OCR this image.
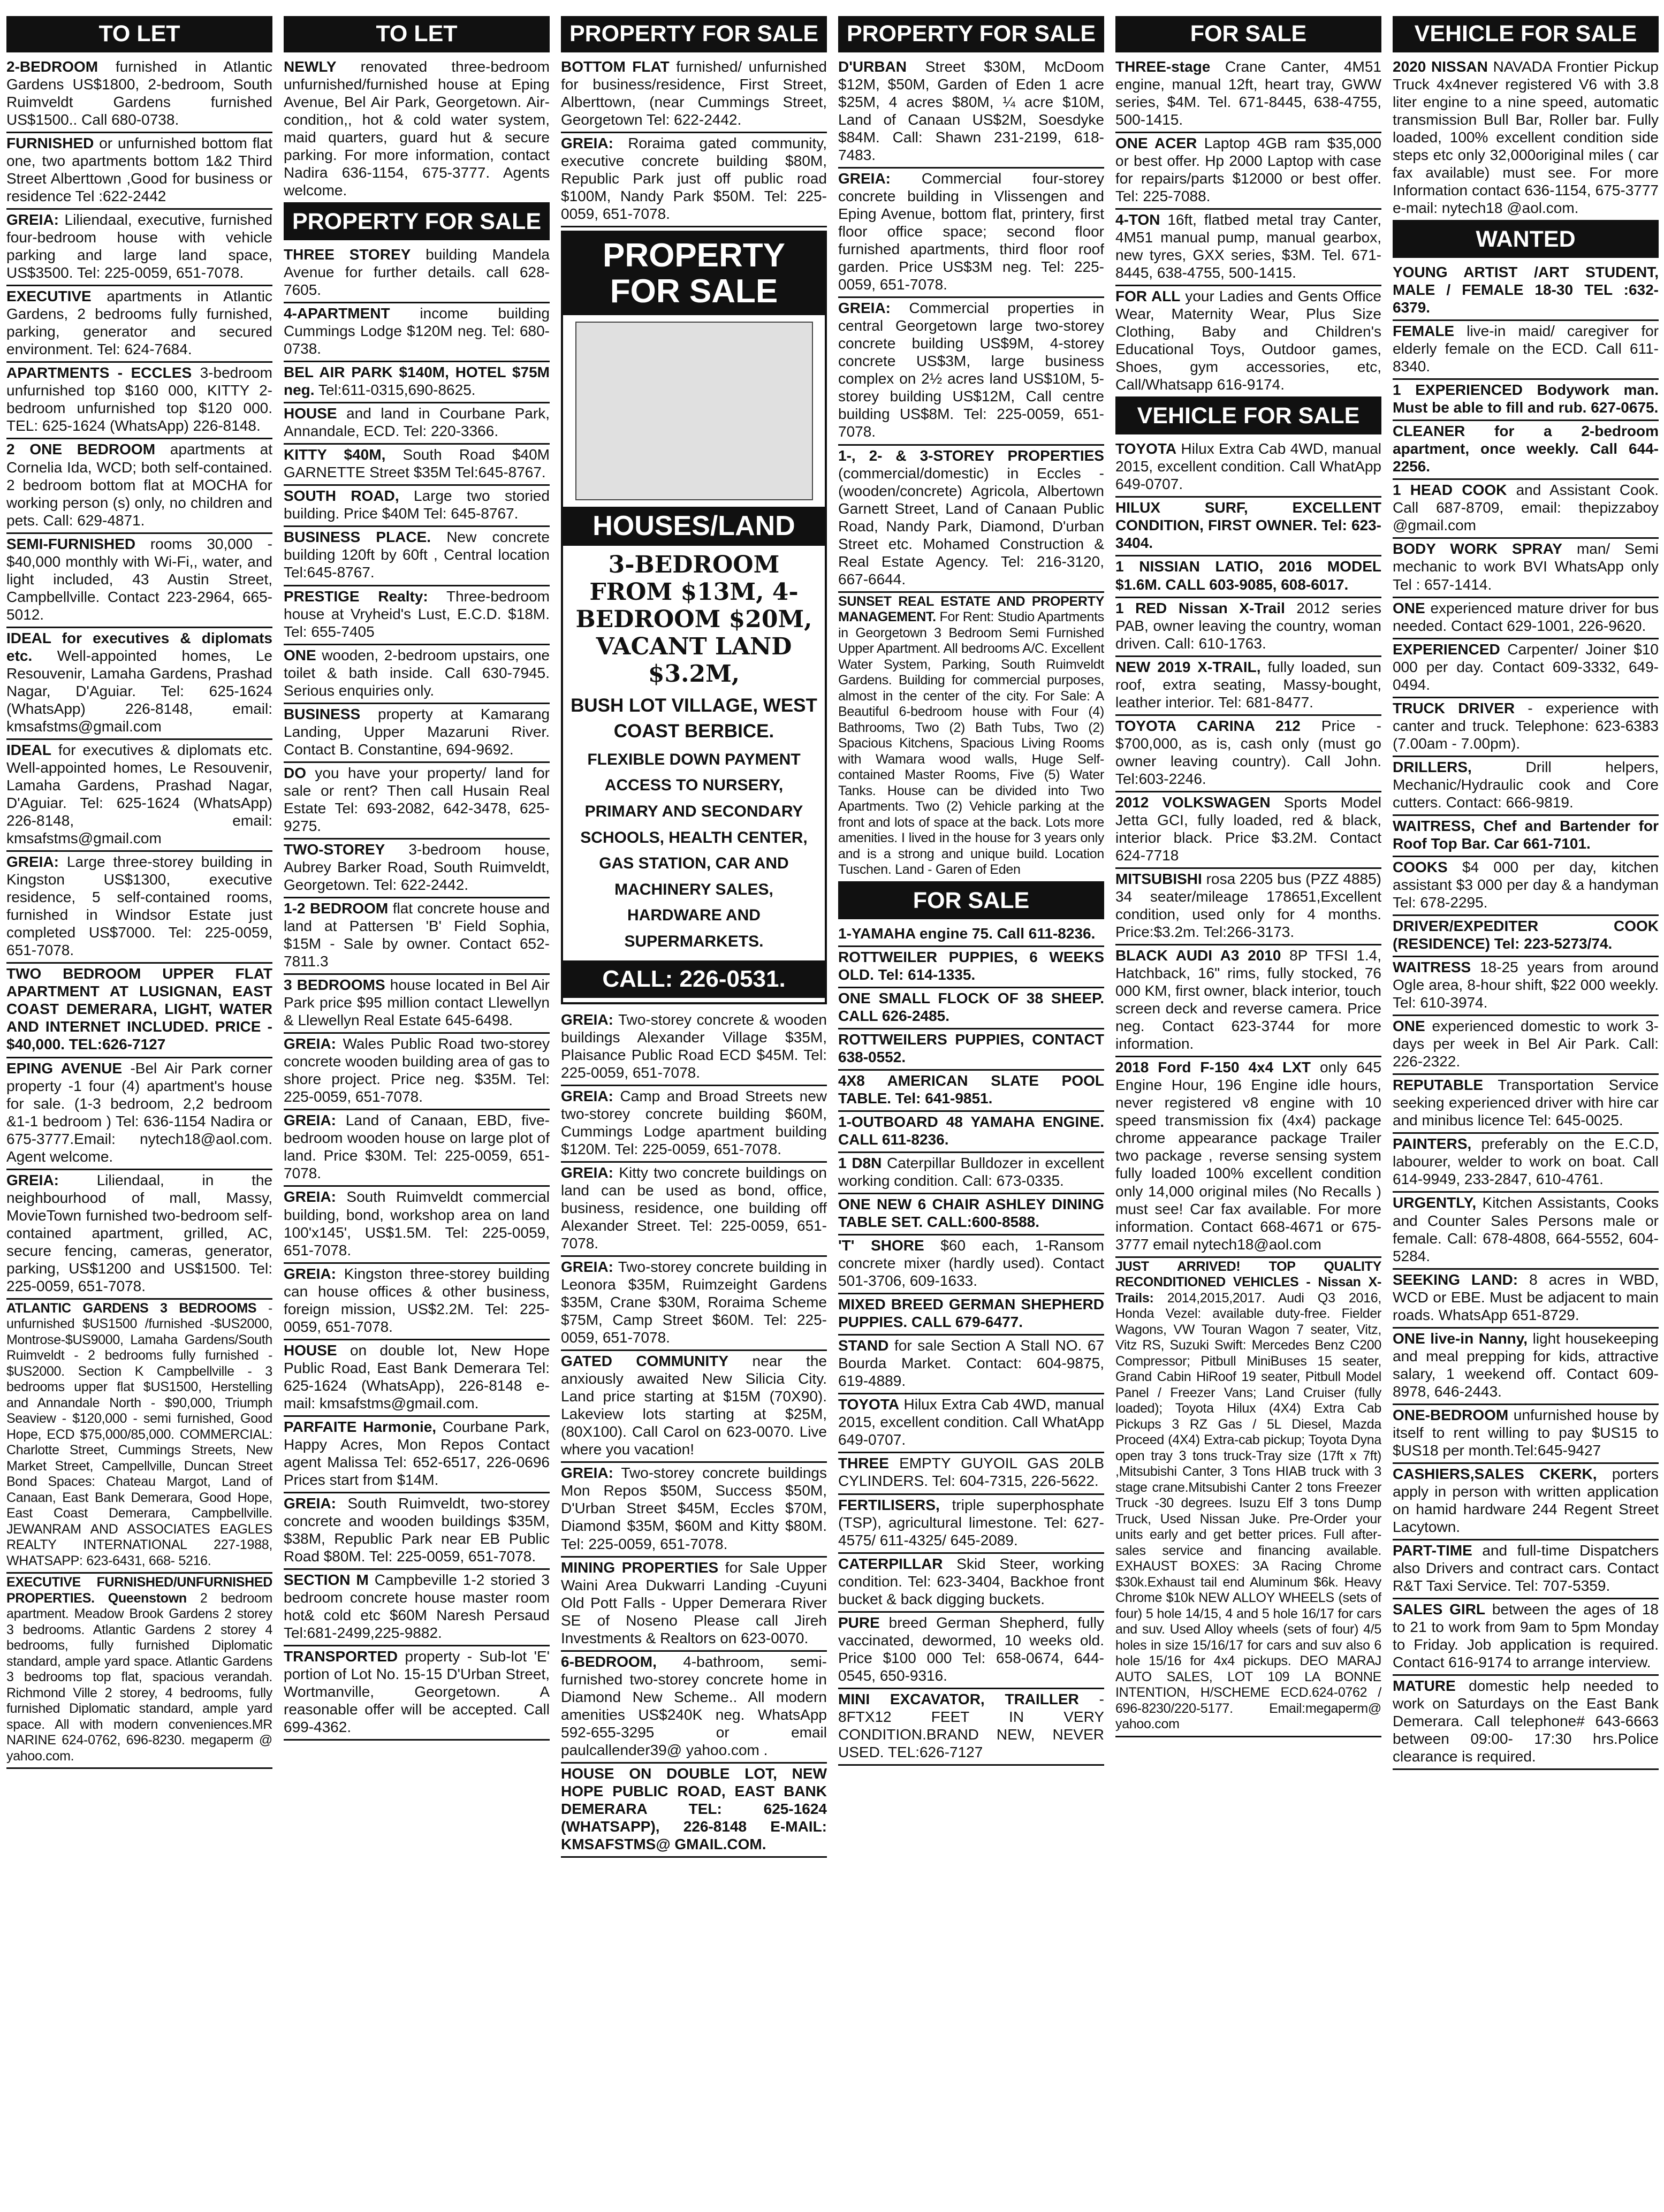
TO LET

2-BEDROOM furnished in Atlantic Gardens US$1800, 2-bedroom, South Ruimveldt Gardens furnished US$1500.. Call 680-0738.

FURNISHED or unfurnished bottom flat one, two apartments bottom 1&2 Third Street Alberttown ,Good for business or residence Tel :622-2442

GREIA: Liliendaal, executive, furnished four-bedroom house with vehicle parking and large land space, US$3500. Tel: 225-0059, 651-7078.

EXECUTIVE apartments in Atlantic Gardens, 2 bedrooms fully furnished, parking, generator and secured environment. Tel: 624-7684.

APARTMENTS - ECCLES 3-bedroom unfurnished top $160 000, KITTY 2-bedroom unfurnished top $120 000. TEL: 625-1624 (WhatsApp) 226-8148.

2 ONE BEDROOM apartments at Cornelia Ida, WCD; both self-contained. 2 bedroom bottom flat at MOCHA for working person (s) only, no children and pets. Call: 629-4871.

SEMI-FURNISHED rooms 30,000 - $40,000 monthly with Wi-Fi,, water, and light included, 43 Austin Street, Campbellville. Contact 223-2964, 665-5012.

IDEAL for executives & diplomats etc. Well-appointed homes, Le Resouvenir, Lamaha Gardens, Prashad Nagar, D'Aguiar. Tel: 625-1624 (WhatsApp) 226-8148, email: kmsafstms@gmail.com

IDEAL for executives & diplomats etc. Well-appointed homes, Le Resouvenir, Lamaha Gardens, Prashad Nagar, D'Aguiar. Tel: 625-1624 (WhatsApp) 226-8148, email: kmsafstms@gmail.com

GREIA: Large three-storey building in Kingston US$1300, executive residence, 5 self-contained rooms, furnished in Windsor Estate just completed US$7000. Tel: 225-0059, 651-7078.

TWO BEDROOM UPPER FLAT APARTMENT AT LUSIGNAN, EAST COAST DEMERARA, LIGHT, WATER AND INTERNET INCLUDED. PRICE - $40,000. TEL:626-7127

EPING AVENUE -Bel Air Park corner property -1 four (4) apartment's house for sale. (1-3 bedroom, 2,2 bedroom &1-1 bedroom ) Tel: 636-1154 Nadira or 675-3777.Email: nytech18@aol.com. Agent welcome.

GREIA: Liliendaal, in the neighbourhood of mall, Massy, MovieTown furnished two-bedroom self-contained apartment, grilled, AC, secure fencing, cameras, generator, parking, US$1200 and US$1500. Tel: 225-0059, 651-7078.

ATLANTIC GARDENS 3 BEDROOMS - unfurnished $US1500 /furnished -$US2000, Montrose-$US9000, Lamaha Gardens/South Ruimveldt - 2 bedrooms fully furnished - $US2000. Section K Campbellville - 3 bedrooms upper flat $US1500, Herstelling and Annandale North - $90,000, Triumph Seaview - $120,000 - semi furnished, Good Hope, ECD $75,000/85,000. COMMERCIAL: Charlotte Street, Cummings Streets, New Market Street, Campellville, Duncan Street Bond Spaces: Chateau Margot, Land of Canaan, East Bank Demerara, Good Hope, East Coast Demerara, Campbellville. JEWANRAM AND ASSOCIATES EAGLES REALTY INTERNATIONAL 227-1988, WHATSAPP: 623-6431, 668- 5216.

EXECUTIVE FURNISHED/UNFURNISHED PROPERTIES. Queenstown 2 bedroom apartment. Meadow Brook Gardens 2 storey 3 bedrooms. Atlantic Gardens 2 storey 4 bedrooms, fully furnished Diplomatic standard, ample yard space. Atlantic Gardens 3 bedrooms top flat, spacious verandah. Richmond Ville 2 storey, 4 bedrooms, fully furnished Diplomatic standard, ample yard space. All with modern conveniences.MR NARINE 624-0762, 696-8230. megaperm @ yahoo.com.

TO LET

NEWLY renovated three-bedroom unfurnished/furnished house at Eping Avenue, Bel Air Park, Georgetown. Air-condition,, hot & cold water system, maid quarters, guard hut & secure parking. For more information, contact Nadira 636-1154, 675-3777. Agents welcome.

PROPERTY FOR SALE

THREE STOREY building Mandela Avenue for further details. call 628-7605.

4-APARTMENT income building Cummings Lodge $120M neg. Tel: 680-0738.

BEL AIR PARK $140M, HOTEL $75M neg. Tel:611-0315,690-8625.

HOUSE and land in Courbane Park, Annandale, ECD. Tel: 220-3366.

KITTY $40M, South Road $40M GARNETTE Street $35M Tel:645-8767.

SOUTH ROAD, Large two storied building. Price $40M Tel: 645-8767.

BUSINESS PLACE. New concrete building 120ft by 60ft , Central location Tel:645-8767.

PRESTIGE Realty: Three-bedroom house at Vryheid's Lust, E.C.D. $18M. Tel: 655-7405

ONE wooden, 2-bedroom upstairs, one toilet & bath inside. Call 630-7945. Serious enquiries only.

BUSINESS property at Kamarang Landing, Upper Mazaruni River. Contact B. Constantine, 694-9692.

DO you have your property/ land for sale or rent? Then call Husain Real Estate Tel: 693-2082, 642-3478, 625-9275.

TWO-STOREY 3-bedroom house, Aubrey Barker Road, South Ruimveldt, Georgetown. Tel: 622-2442.

1-2 BEDROOM flat concrete house and land at Pattersen 'B' Field Sophia, $15M - Sale by owner. Contact 652-7811.3

3 BEDROOMS house located in Bel Air Park price $95 million contact Llewellyn & Llewellyn Real Estate 645-6498.

GREIA: Wales Public Road two-storey concrete wooden building area of gas to shore project. Price neg. $35M. Tel: 225-0059, 651-7078.

GREIA: Land of Canaan, EBD, five-bedroom wooden house on large plot of land. Price $30M. Tel: 225-0059, 651-7078.

GREIA: South Ruimveldt commercial building, bond, workshop area on land 100'x145', US$1.5M. Tel: 225-0059, 651-7078.

GREIA: Kingston three-storey building can house offices & other business, foreign mission, US$2.2M. Tel: 225-0059, 651-7078.

HOUSE on double lot, New Hope Public Road, East Bank Demerara Tel: 625-1624 (WhatsApp), 226-8148 e-mail: kmsafstms@gmail.com.

PARFAITE Harmonie, Courbane Park, Happy Acres, Mon Repos Contact agent Malissa Tel: 652-6517, 226-0696 Prices start from $14M.

GREIA: South Ruimveldt, two-storey concrete and wooden buildings $35M, $38M, Republic Park near EB Public Road $80M. Tel: 225-0059, 651-7078.

SECTION M Campbeville 1-2 storied 3 bedroom concrete house master room hot& cold etc $60M Naresh Persaud Tel:681-2499,225-9882.

TRANSPORTED property - Sub-lot 'E' portion of Lot No. 15-15 D'Urban Street, Wortmanville, Georgetown. A reasonable offer will be accepted. Call 699-4362.

PROPERTY FOR SALE

BOTTOM FLAT furnished/ unfurnished for business/residence, First Street, Alberttown, (near Cummings Street, Georgetown Tel: 622-2442.

GREIA: Roraima gated community, executive concrete building $80M, Republic Park just off public road $100M, Nandy Park $50M. Tel: 225-0059, 651-7078.

PROPERTY FOR SALE
HOUSES/LAND
3-BEDROOM FROM $13M, 4-BEDROOM $20M, VACANT LAND $3.2M,
BUSH LOT VILLAGE, WEST COAST BERBICE.
FLEXIBLE DOWN PAYMENT ACCESS TO NURSERY, PRIMARY AND SECONDARY SCHOOLS, HEALTH CENTER, GAS STATION, CAR AND MACHINERY SALES, HARDWARE AND SUPERMARKETS.
CALL: 226-0531.

GREIA: Two-storey concrete & wooden buildings Alexander Village $35M, Plaisance Public Road ECD $45M. Tel: 225-0059, 651-7078.

GREIA: Camp and Broad Streets new two-storey concrete building $60M, Cummings Lodge apartment building $120M. Tel: 225-0059, 651-7078.

GREIA: Kitty two concrete buildings on land can be used as bond, office, business, residence, one building off Alexander Street. Tel: 225-0059, 651-7078.

GREIA: Two-storey concrete building in Leonora $35M, Ruimzeight Gardens $35M, Crane $30M, Roraima Scheme $75M, Camp Street $60M. Tel: 225-0059, 651-7078.

GATED COMMUNITY near the anxiously awaited New Silicia City. Land price starting at $15M (70X90). Lakeview lots starting at $25M, (80X100). Call Carol on 623-0070. Live where you vacation!

GREIA: Two-storey concrete buildings Mon Repos $50M, Success $50M, D'Urban Street $45M, Eccles $70M, Diamond $35M, $60M and Kitty $80M. Tel: 225-0059, 651-7078.

MINING PROPERTIES for Sale Upper Waini Area Dukwarri Landing -Cuyuni Old Pott Falls - Upper Demerara River SE of Noseno Please call Jireh Investments & Realtors on 623-0070.

6-BEDROOM, 4-bathroom, semi-furnished two-storey concrete home in Diamond New Scheme.. All modern amenities US$240K neg. WhatsApp 592-655-3295 or email paulcallender39@ yahoo.com .

HOUSE ON DOUBLE LOT, NEW HOPE PUBLIC ROAD, EAST BANK DEMERARA TEL: 625-1624 (WHATSAPP), 226-8148 E-MAIL: KMSAFSTMS@ GMAIL.COM.

PROPERTY FOR SALE

D'URBAN Street $30M, McDoom $12M, $50M, Garden of Eden 1 acre $25M, 4 acres $80M, ¼ acre $10M, Land of Canaan US$2M, Soesdyke $84M. Call: Shawn 231-2199, 618-7483.

GREIA: Commercial four-storey concrete building in Vlissengen and Eping Avenue, bottom flat, printery, first floor office space; second floor furnished apartments, third floor roof garden. Price US$3M neg. Tel: 225-0059, 651-7078.

GREIA: Commercial properties in central Georgetown large two-storey concrete building US$9M, 4-storey concrete US$3M, large business complex on 2½ acres land US$10M, 5-storey building US$12M, Call centre building US$8M. Tel: 225-0059, 651-7078.

1-, 2- & 3-STOREY PROPERTIES (commercial/domestic) in Eccles - (wooden/concrete) Agricola, Albertown Garnett Street, Land of Canaan Public Road, Nandy Park, Diamond, D'urban Street etc. Mohamed Construction & Real Estate Agency. Tel: 216-3120, 667-6644.

SUNSET REAL ESTATE AND PROPERTY MANAGEMENT. For Rent: Studio Apartments in Georgetown 3 Bedroom Semi Furnished Upper Apartment. All bedrooms A/C. Excellent Water System, Parking, South Ruimveldt Gardens. Building for commercial purposes, almost in the center of the city. For Sale: A Beautiful 6-bedroom house with Four (4) Bathrooms, Two (2) Bath Tubs, Two (2) Spacious Kitchens, Spacious Living Rooms with Wamara wood walls, Huge Self-contained Master Rooms, Five (5) Water Tanks. House can be divided into Two Apartments. Two (2) Vehicle parking at the front and lots of space at the back. Lots more amenities. I lived in the house for 3 years only and is a strong and unique build. Location Tuschen. Land - Garen of Eden

FOR SALE

1-YAMAHA engine 75. Call 611-8236.

ROTTWEILER PUPPIES, 6 WEEKS OLD. Tel: 614-1335.

ONE SMALL FLOCK OF 38 SHEEP. CALL 626-2485.

ROTTWEILERS PUPPIES, CONTACT 638-0552.

4X8 AMERICAN SLATE POOL TABLE. Tel: 641-9851.

1-OUTBOARD 48 YAMAHA ENGINE. CALL 611-8236.

1 D8N Caterpillar Bulldozer in excellent working condition. Call: 673-0335.

ONE NEW 6 CHAIR ASHLEY DINING TABLE SET. CALL:600-8588.

'T' SHORE $60 each, 1-Ransom concrete mixer (hardly used). Contact 501-3706, 609-1633.

MIXED BREED GERMAN SHEPHERD PUPPIES. CALL 679-6477.

STAND for sale Section A Stall NO. 67 Bourda Market. Contact: 604-9875, 619-4889.

TOYOTA Hilux Extra Cab 4WD, manual 2015, excellent condition. Call WhatApp 649-0707.

THREE EMPTY GUYOIL GAS 20LB CYLINDERS. Tel: 604-7315, 226-5622.

FERTILISERS, triple superphosphate (TSP), agricultural limestone. Tel: 627-4575/ 611-4325/ 645-2089.

CATERPILLAR Skid Steer, working condition. Tel: 623-3404, Backhoe front bucket & back digging buckets.

PURE breed German Shepherd, fully vaccinated, dewormed, 10 weeks old. Price $100 000 Tel: 658-0674, 644-0545, 650-9316.

MINI EXCAVATOR, TRAILLER - 8FTX12 FEET IN VERY CONDITION.BRAND NEW, NEVER USED. TEL:626-7127

FOR SALE

THREE-stage Crane Canter, 4M51 engine, manual 12ft, heart tray, GWW series, $4M. Tel. 671-8445, 638-4755, 500-1415.

ONE ACER Laptop 4GB ram $35,000 or best offer. Hp 2000 Laptop with case for repairs/parts $12000 or best offer. Tel: 225-7088.

4-TON 16ft, flatbed metal tray Canter, 4M51 manual pump, manual gearbox, new tyres, GXX series, $3M. Tel. 671-8445, 638-4755, 500-1415.

FOR ALL your Ladies and Gents Office Wear, Maternity Wear, Plus Size Clothing, Baby and Children's Educational Toys, Outdoor games, Shoes, gym accessories, etc, Call/Whatsapp 616-9174.

VEHICLE FOR SALE

TOYOTA Hilux Extra Cab 4WD, manual 2015, excellent condition. Call WhatApp 649-0707.

HILUX SURF, EXCELLENT CONDITION, FIRST OWNER. Tel: 623-3404.

1 NISSIAN LATIO, 2016 MODEL $1.6M. CALL 603-9085, 608-6017.

1 RED Nissan X-Trail 2012 series PAB, owner leaving the country, woman driven. Call: 610-1763.

NEW 2019 X-TRAIL, fully loaded, sun roof, extra seating, Massy-bought, leather interior. Tel: 681-8477.

TOYOTA CARINA 212 Price - $700,000, as is, cash only (must go owner leaving country). Call John. Tel:603-2246.

2012 VOLKSWAGEN Sports Model Jetta GCI, fully loaded, red & black, interior black. Price $3.2M. Contact 624-7718

MITSUBISHI rosa 2205 bus (PZZ 4885) 34 seater/mileage 178651,Excellent condition, used only for 4 months. Price:$3.2m. Tel:266-3173.

BLACK AUDI A3 2010 8P TFSI 1.4, Hatchback, 16" rims, fully stocked, 76 000 KM, first owner, black interior, touch screen deck and reverse camera. Price neg. Contact 623-3744 for more information.

2018 Ford F-150 4x4 LXT only 645 Engine Hour, 196 Engine idle hours, never registered v8 engine with 10 speed transmission fix (4x4) package chrome appearance package Trailer two package , reverse sensing system fully loaded 100% excellent condition only 14,000 original miles (No Recalls ) must see! Car fax available. For more information. Contact 668-4671 or 675-3777 email nytech18@aol.com

JUST ARRIVED! TOP QUALITY RECONDITIONED VEHICLES - Nissan X-Trails: 2014,2015,2017. Audi Q3 2016, Honda Vezel: available duty-free. Fielder Wagons, VW Touran Wagon 7 seater, Vitz, Vitz RS, Suzuki Swift: Mercedes Benz C200 Compressor; Pitbull MiniBuses 15 seater, Grand Cabin HiRoof 19 seater, Pitbull Model Panel / Freezer Vans; Land Cruiser (fully loaded); Toyota Hilux (4X4) Extra Cab Pickups 3 RZ Gas / 5L Diesel, Mazda Proceed (4X4) Extra-cab pickup; Toyota Dyna open tray 3 tons truck-Tray size (17ft x 7ft) ,Mitsubishi Canter, 3 Tons HIAB truck with 3 stage crane.Mitsubishi Canter 2 tons Freezer Truck -30 degrees. Isuzu Elf 3 tons Dump Truck, Used Nissan Juke. Pre-Order your units early and get better prices. Full after-sales service and financing available. EXHAUST BOXES: 3A Racing Chrome $30k.Exhaust tail end Aluminum $6k. Heavy Chrome $10k NEW ALLOY WHEELS (sets of four) 5 hole 14/15, 4 and 5 hole 16/17 for cars and suv. Used Alloy wheels (sets of four) 4/5 holes in size 15/16/17 for cars and suv also 6 hole 15/16 for 4x4 pickups. DEO MARAJ AUTO SALES, LOT 109 LA BONNE INTENTION, H/SCHEME ECD.624-0762 / 696-8230/220-5177. Email:megaperm@ yahoo.com

VEHICLE FOR SALE

2020 NISSAN NAVADA Frontier Pickup Truck 4x4never registered V6 with 3.8 liter engine to a nine speed, automatic transmission Bull Bar, Roller bar. Fully loaded, 100% excellent condition side steps etc only 32,000original miles ( car fax available) must see. For more Information contact 636-1154, 675-3777 e-mail: nytech18 @aol.com.

WANTED

YOUNG ARTIST /ART STUDENT, MALE / FEMALE 18-30 TEL :632-6379.

FEMALE live-in maid/ caregiver for elderly female on the ECD. Call 611-8340.

1 EXPERIENCED Bodywork man. Must be able to fill and rub. 627-0675.

CLEANER for a 2-bedroom apartment, once weekly. Call 644-2256.

1 HEAD COOK and Assistant Cook. Call 687-8709, email: thepizzaboy @gmail.com

BODY WORK SPRAY man/ Semi mechanic to work BVI WhatsApp only Tel : 657-1414.

ONE experienced mature driver for bus needed. Contact 629-1001, 226-9620.

EXPERIENCED Carpenter/ Joiner $10 000 per day. Contact 609-3332, 649-0494.

TRUCK DRIVER - experience with canter and truck. Telephone: 623-6383 (7.00am - 7.00pm).

DRILLERS, Drill helpers, Mechanic/Hydraulic cook and Core cutters. Contact: 666-9819.

WAITRESS, Chef and Bartender for Roof Top Bar. Car 661-7101.

COOKS $4 000 per day, kitchen assistant $3 000 per day & a handyman Tel: 678-2295.

DRIVER/EXPEDITER COOK (RESIDENCE) Tel: 223-5273/74.

WAITRESS 18-25 years from around Ogle area, 8-hour shift, $22 000 weekly. Tel: 610-3974.

ONE experienced domestic to work 3-days per week in Bel Air Park. Call: 226-2322.

REPUTABLE Transportation Service seeking experienced driver with hire car and minibus licence Tel: 645-0025.

PAINTERS, preferably on the E.C.D, labourer, welder to work on boat. Call 614-9949, 233-2847, 610-4761.

URGENTLY, Kitchen Assistants, Cooks and Counter Sales Persons male or female. Call: 678-4808, 664-5552, 604-5284.

SEEKING LAND: 8 acres in WBD, WCD or EBE. Must be adjacent to main roads. WhatsApp 651-8729.

ONE live-in Nanny, light housekeeping and meal prepping for kids, attractive salary, 1 weekend off. Contact 609-8978, 646-2443.

ONE-BEDROOM unfurnished house by itself to rent willing to pay $US15 to $US18 per month.Tel:645-9427

CASHIERS,SALES CKERK, porters apply in person with written application on hamid hardware 244 Regent Street Lacytown.

PART-TIME and full-time Dispatchers also Drivers and contract cars. Contact R&T Taxi Service. Tel: 707-5359.

SALES GIRL between the ages of 18 to 21 to work from 9am to 5pm Monday to Friday. Job application is required. Contact 616-9174 to arrange interview.

MATURE domestic help needed to work on Saturdays on the East Bank Demerara. Call telephone# 643-6663 between 09:00- 17:30 hrs.Police clearance is required.
